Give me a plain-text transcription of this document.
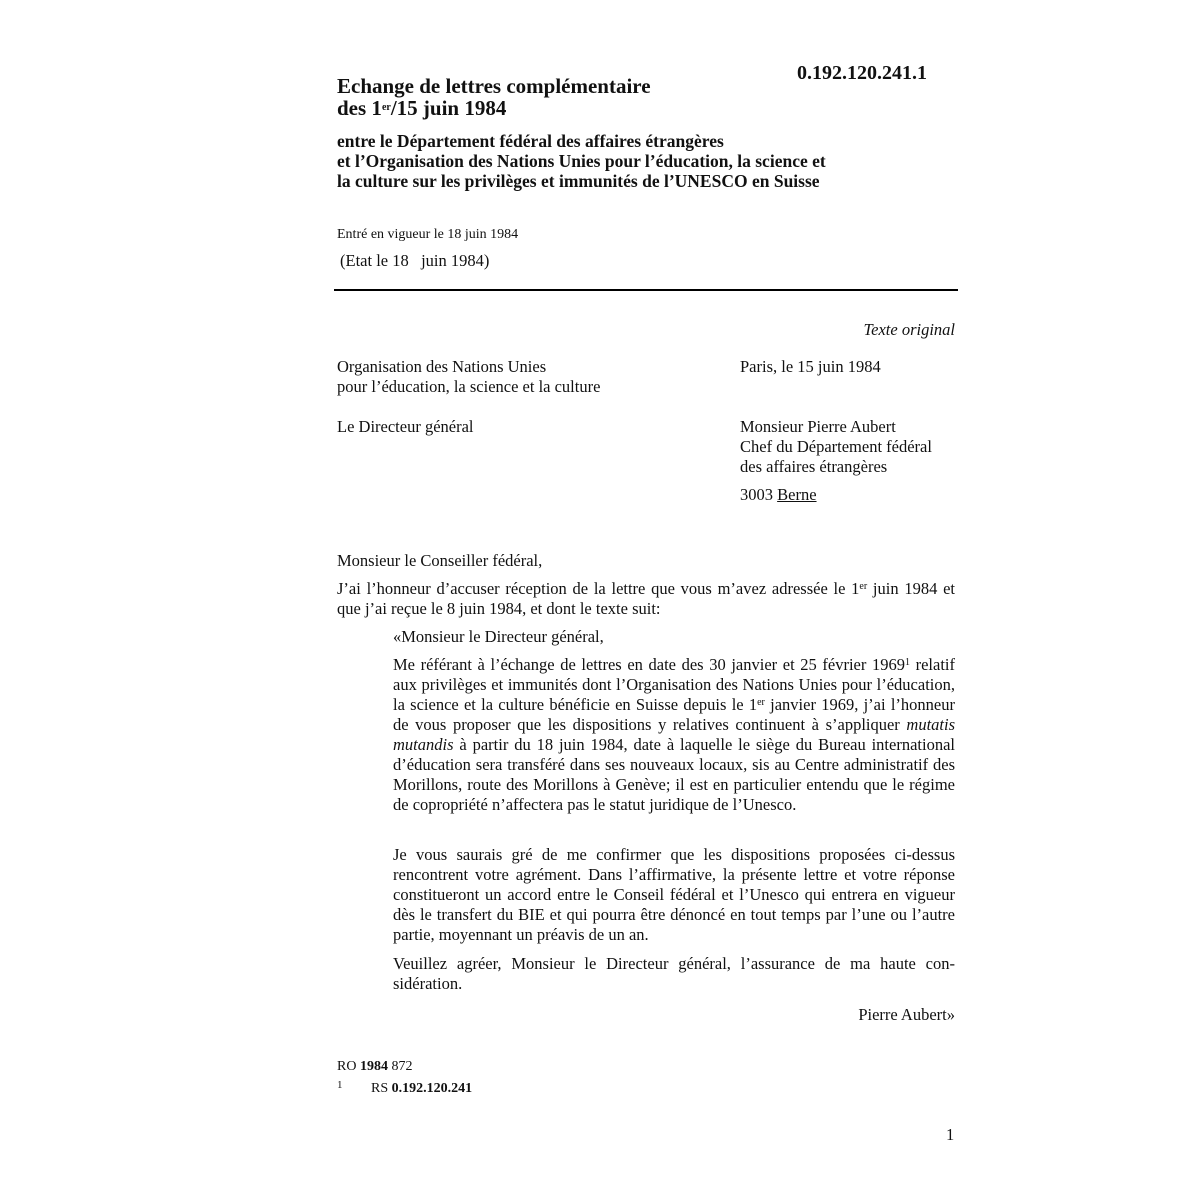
Echange de lettres complémentaire
des 1er/15 juin 1984
0.192.120.241.1
entre le Département fédéral des affaires étrangères
et l’Organisation des Nations Unies pour l’éducation, la science et
la culture sur les privilèges et immunités de l’UNESCO en Suisse
Entré en vigueur le 18 juin 1984
(Etat le 18   juin 1984)
Texte original
Organisation des Nations Unies
pour l’éducation, la science et la culture
Paris, le 15 juin 1984
Le Directeur général	Monsieur Pierre Aubert
Chef du Département fédéral
des affaires étrangères
3003 Berne
Monsieur le Conseiller fédéral,
J’ai l’honneur d’accuser réception de la lettre que vous m’avez adressée le 1er juin 1984 et que j’ai reçue le 8 juin 1984, et dont le texte suit:
«Monsieur le Directeur général,
Me référant à l’échange de lettres en date des 30 janvier et 25 février 1969$^1$ relatif aux privilèges et immunités dont l’Organisation des Nations Unies pour l’éducation, la science et la culture bénéficie en Suisse depuis le 1er janvier 1969, j’ai l’honneur de vous proposer que les dispositions y relatives continuent à s’appliquer mutatis mutandis à partir du 18 juin 1984, date à laquelle le siège du Bureau international d’éducation sera transféré dans ses nouveaux locaux, sis au Centre administratif des Morillons, route des Morillons à Genève; il est en particulier entendu que le régime de copropriété n’affectera pas le statut juridique de l’Unesco.
Je vous saurais gré de me confirmer que les dispositions proposées ci-dessus rencontrent votre agrément. Dans l’affirmative, la présente lettre et votre réponse constitueront un accord entre le Conseil fédéral et l’Unesco qui entrera en vigueur dès le transfert du BIE et qui pourra être dénoncé en tout temps par l’une ou l’autre partie, moyennant un préavis de un an.
Veuillez agréer, Monsieur le Directeur général, l’assurance de ma haute considération.
Pierre Aubert»
RO 1984 872
1 RS 0.192.120.241
1
